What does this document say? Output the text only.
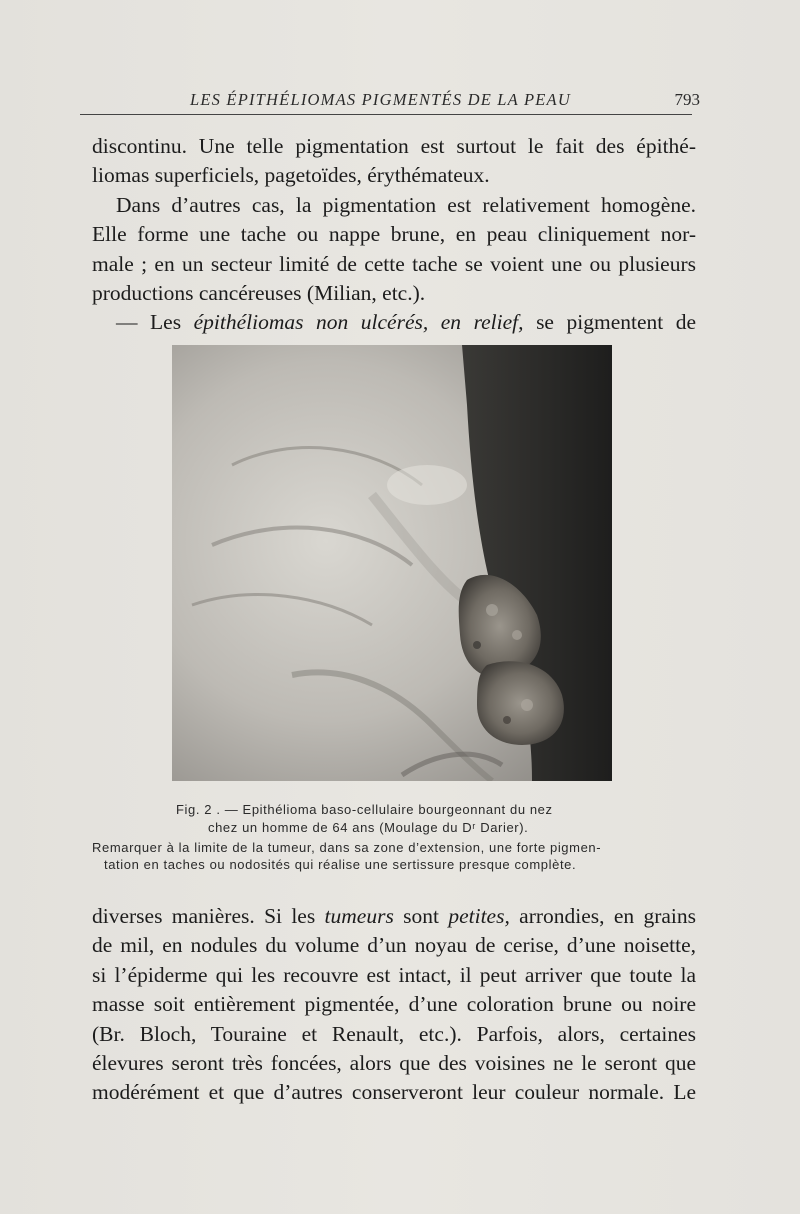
LES ÉPITHÉLIOMAS PIGMENTÉS DE LA PEAU	793
discontinu. Une telle pigmentation est surtout le fait des épithé-
liomas superficiels, pagetoïdes, érythémateux.
Dans d’autres cas, la pigmentation est relativement homogène.
Elle forme une tache ou nappe brune, en peau cliniquement nor-
male ; en un secteur limité de cette tache se voient une ou plusieurs
productions cancéreuses (Milian, etc.).
— Les épithéliomas non ulcérés, en relief, se pigmentent de
Fig. 2 . — Epithélioma baso-cellulaire bourgeonnant du nez
chez un homme de 64 ans (Moulage du Dʳ Darier).
Remarquer à la limite de la tumeur, dans sa zone d’extension, une forte pigmen-
tation en taches ou nodosités qui réalise une sertissure presque complète.
diverses manières. Si les tumeurs sont petites, arrondies, en grains
de mil, en nodules du volume d’un noyau de cerise, d’une noisette,
si l’épiderme qui les recouvre est intact, il peut arriver que toute la
masse soit entièrement pigmentée, d’une coloration brune ou noire
(Br. Bloch, Touraine et Renault, etc.). Parfois, alors, certaines
élevures seront très foncées, alors que des voisines ne le seront que
modérément et que d’autres conserveront leur couleur normale. Le
